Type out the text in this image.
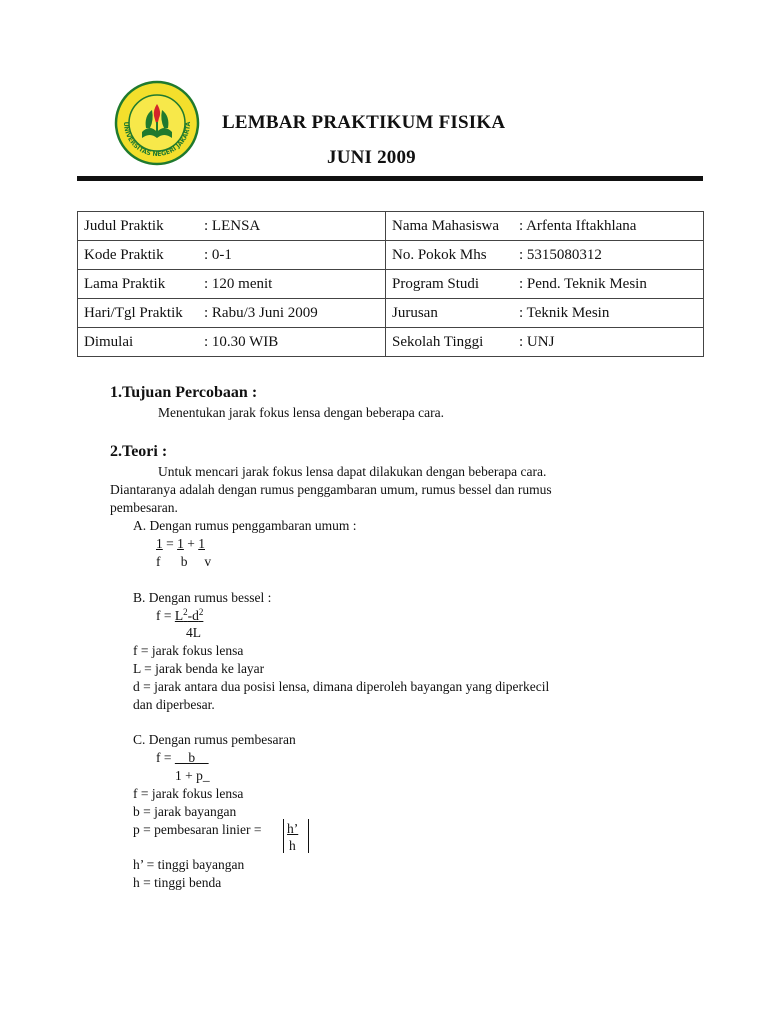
UNIVERSITAS NEGERI JAKARTA LEMBAR PRAKTIKUM FISIKA
JUNI 2009
Judul Praktik : LENSA	Nama Mahasiswa : Arfenta Iftakhlana
Kode Praktik : 0-1	No. Pokok Mhs : 5315080312
Lama Praktik : 120 menit	Program Studi : Pend. Teknik Mesin
Hari/Tgl Praktik : Rabu/3 Juni 2009	Jurusan : Teknik Mesin
Dimulai : 10.30 WIB	Sekolah Tinggi : UNJ
1.Tujuan Percobaan :
Menentukan jarak fokus lensa dengan beberapa cara.
2.Teori :
Untuk mencari jarak fokus lensa dapat dilakukan dengan beberapa cara.
Diantaranya adalah dengan rumus penggambaran umum, rumus bessel dan rumus
pembesaran.
A. Dengan rumus penggambaran umum :
1 = 1 + 1
f      b     v
B. Dengan rumus bessel :
$f = L^2-d^2$
4L
f = jarak fokus lensa
L = jarak benda ke layar
d = jarak antara dua posisi lensa, dimana diperoleh bayangan yang diperkecil
dan diperbesar.
C. Dengan rumus pembesaran
f =     b
1 + p_
f = jarak fokus lensa
b = jarak bayangan
p = pembesaran linier = h’
h
h’ = tinggi bayangan
h = tinggi benda
